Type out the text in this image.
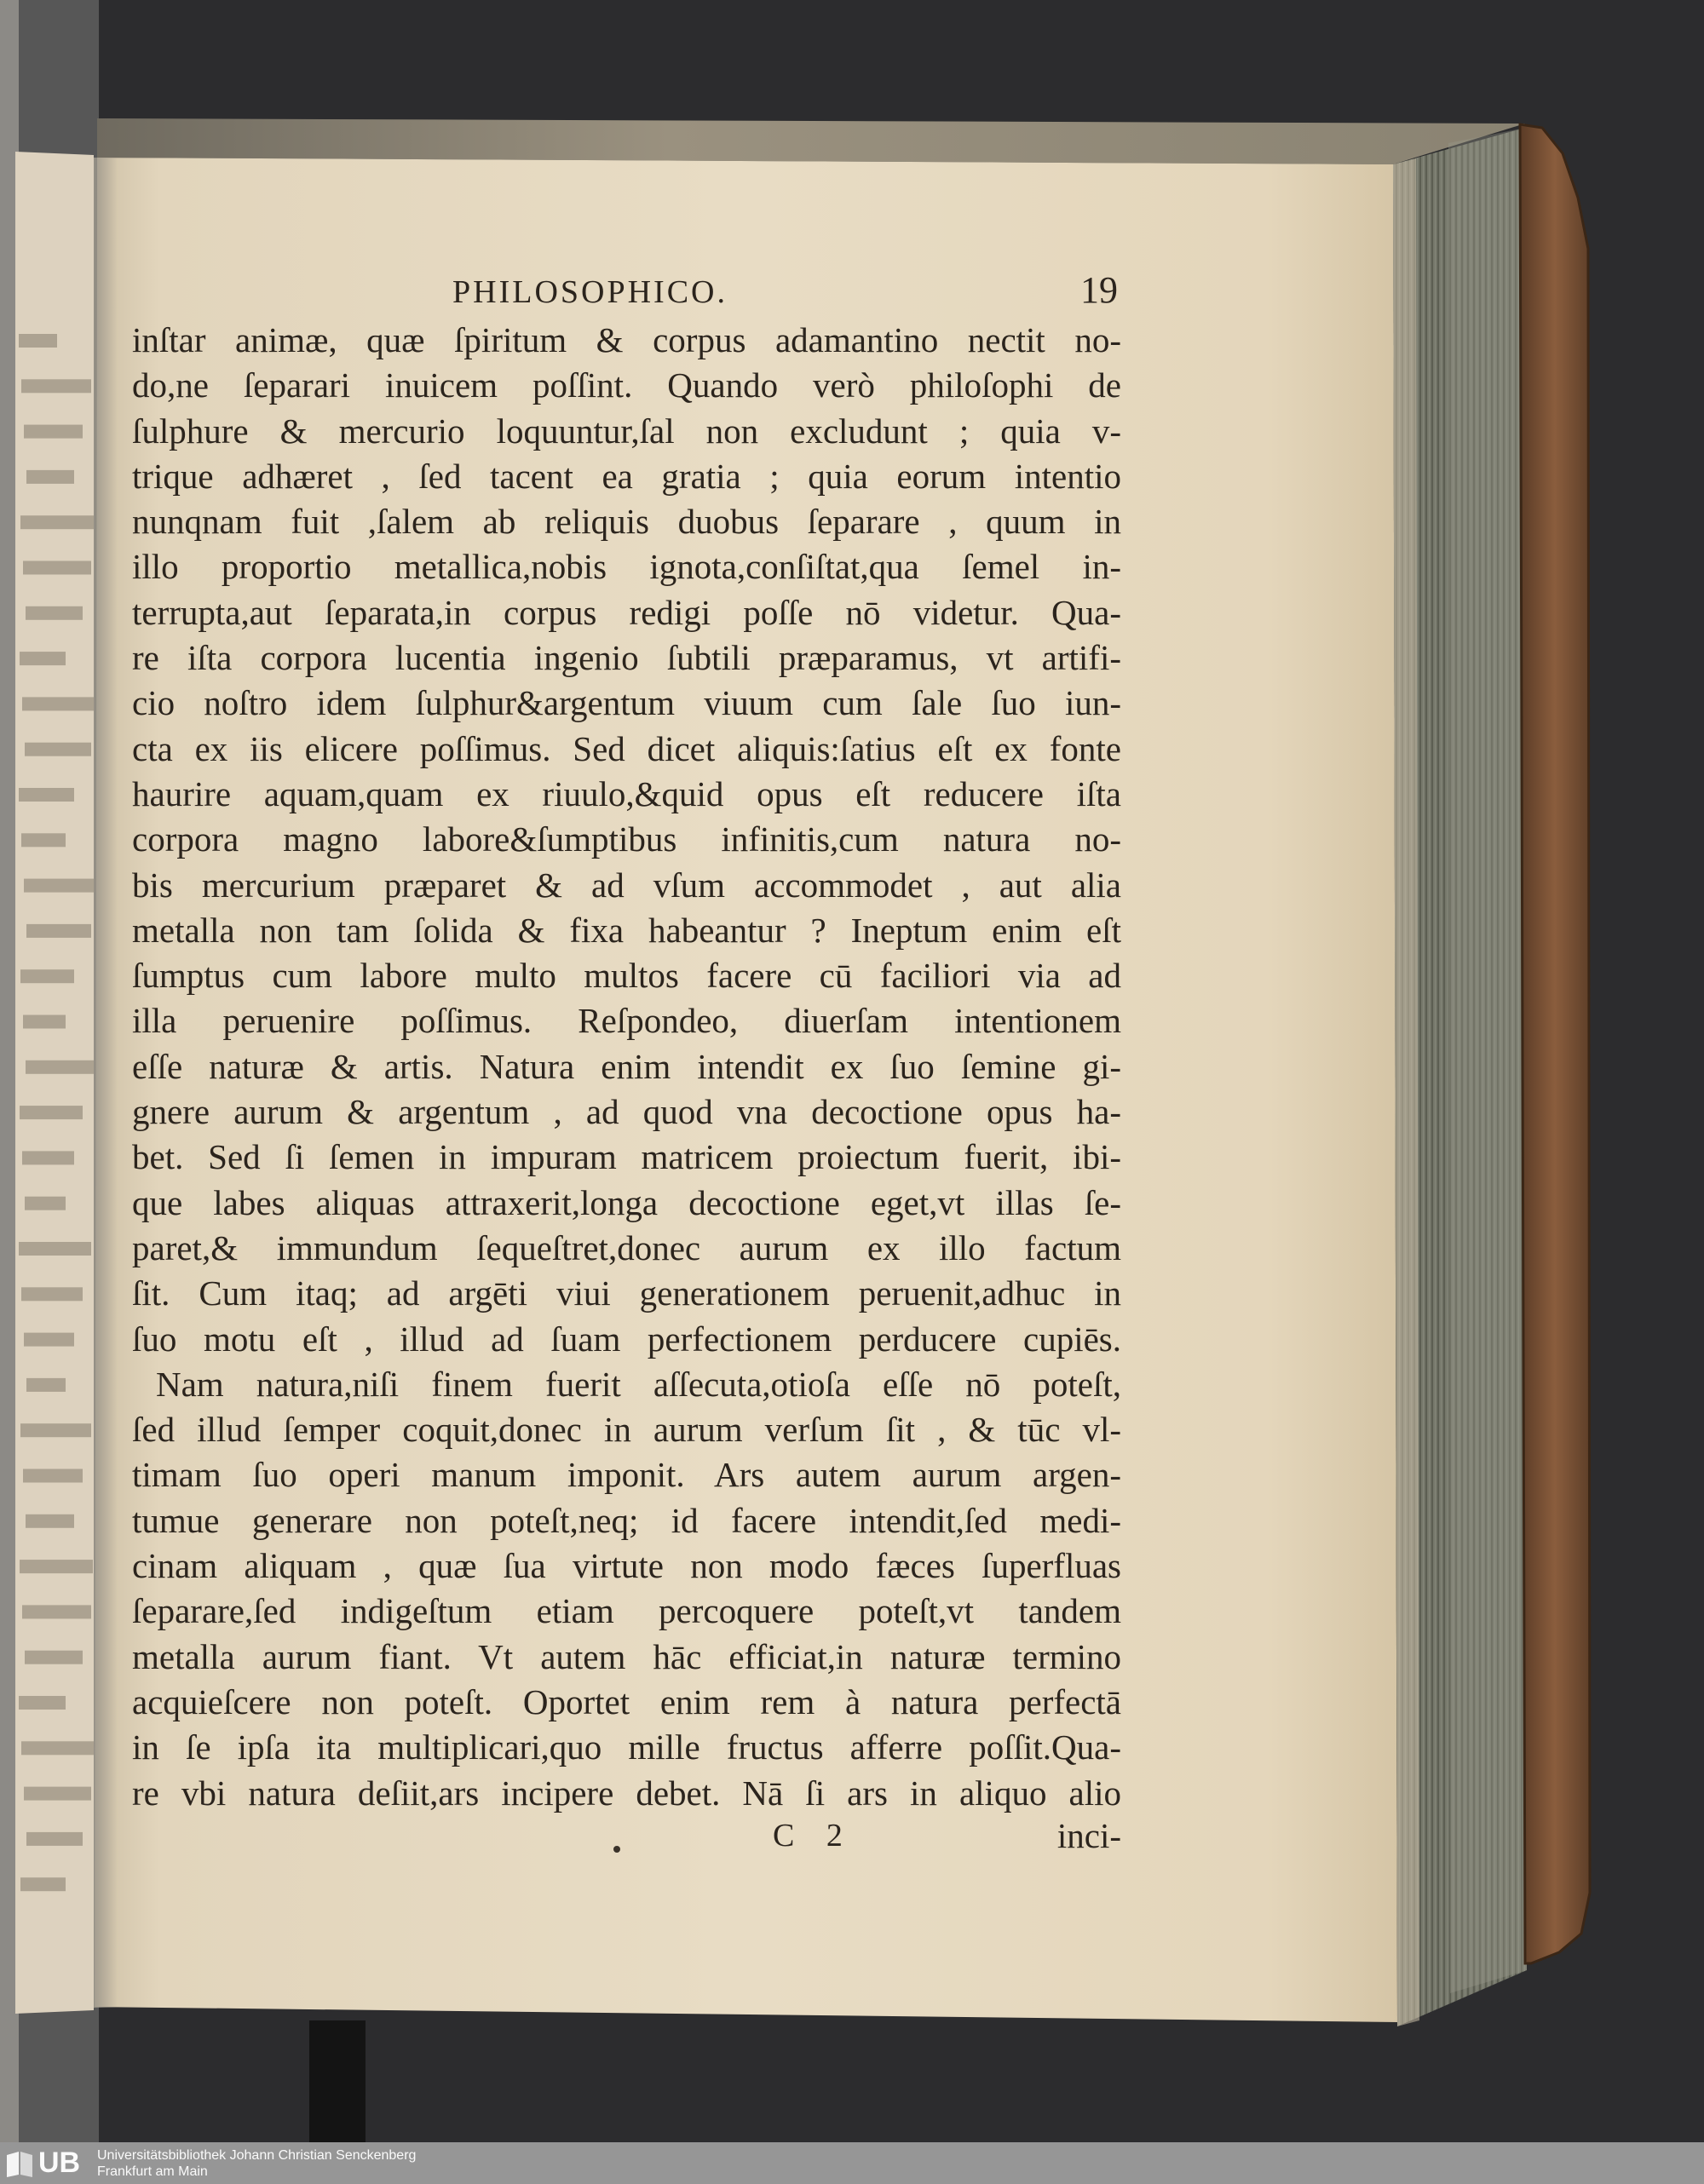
PHILOSOPHICO.	19
inſtar animæ, quæ ſpiritum & corpus adamantino nectit no-
do,ne ſeparari inuicem poſſint. Quando verò philoſophi de
ſulphure & mercurio loquuntur,ſal non excludunt ; quia v-
trique adhæret , ſed tacent ea gratia ; quia eorum intentio
nunqnam fuit ,ſalem ab reliquis duobus ſeparare , quum in
illo proportio metallica,nobis ignota,conſiſtat,qua ſemel in-
terrupta,aut ſeparata,in corpus redigi poſſe nō videtur. Qua-
re iſta corpora lucentia ingenio ſubtili præparamus, vt artifi-
cio noſtro idem ſulphur&argentum viuum cum ſale ſuo iun-
cta ex iis elicere poſſimus. Sed dicet aliquis:ſatius eſt ex fonte
haurire aquam,quam ex riuulo,&quid opus eſt reducere iſta
corpora magno labore&ſumptibus infinitis,cum natura no-
bis mercurium præparet & ad vſum accommodet , aut alia
metalla non tam ſolida & fixa habeantur ? Ineptum enim eſt
ſumptus cum labore multo multos facere cū faciliori via ad
illa peruenire poſſimus. Reſpondeo, diuerſam intentionem
eſſe naturæ & artis. Natura enim intendit ex ſuo ſemine gi-
gnere aurum & argentum , ad quod vna decoctione opus ha-
bet. Sed ſi ſemen in impuram matricem proiectum fuerit, ibi-
que labes aliquas attraxerit,longa decoctione eget,vt illas ſe-
paret,& immundum ſequeſtret,donec aurum ex illo factum
ſit. Cum itaq; ad argēti viui generationem peruenit,adhuc in
ſuo motu eſt , illud ad ſuam perfectionem perducere cupiēs.
Nam natura,niſi finem fuerit aſſecuta,otioſa eſſe nō poteſt,
ſed illud ſemper coquit,donec in aurum verſum ſit , & tūc vl-
timam ſuo operi manum imponit. Ars autem aurum argen-
tumue generare non poteſt,neq; id facere intendit,ſed medi-
cinam aliquam , quæ ſua virtute non modo fæces ſuperfluas
ſeparare,ſed indigeſtum etiam percoquere poteſt,vt tandem
metalla aurum fiant. Vt autem hāc efficiat,in naturæ termino
acquieſcere non poteſt. Oportet enim rem à natura perfectā
in ſe ipſa ita multiplicari,quo mille fructus afferre poſſit.Qua-
re vbi natura deſiit,ars incipere debet. Nā ſi ars in aliquo alio
C 2	inci-
UB Universitätsbibliothek Johann Christian Senckenberg
Frankfurt am Main
